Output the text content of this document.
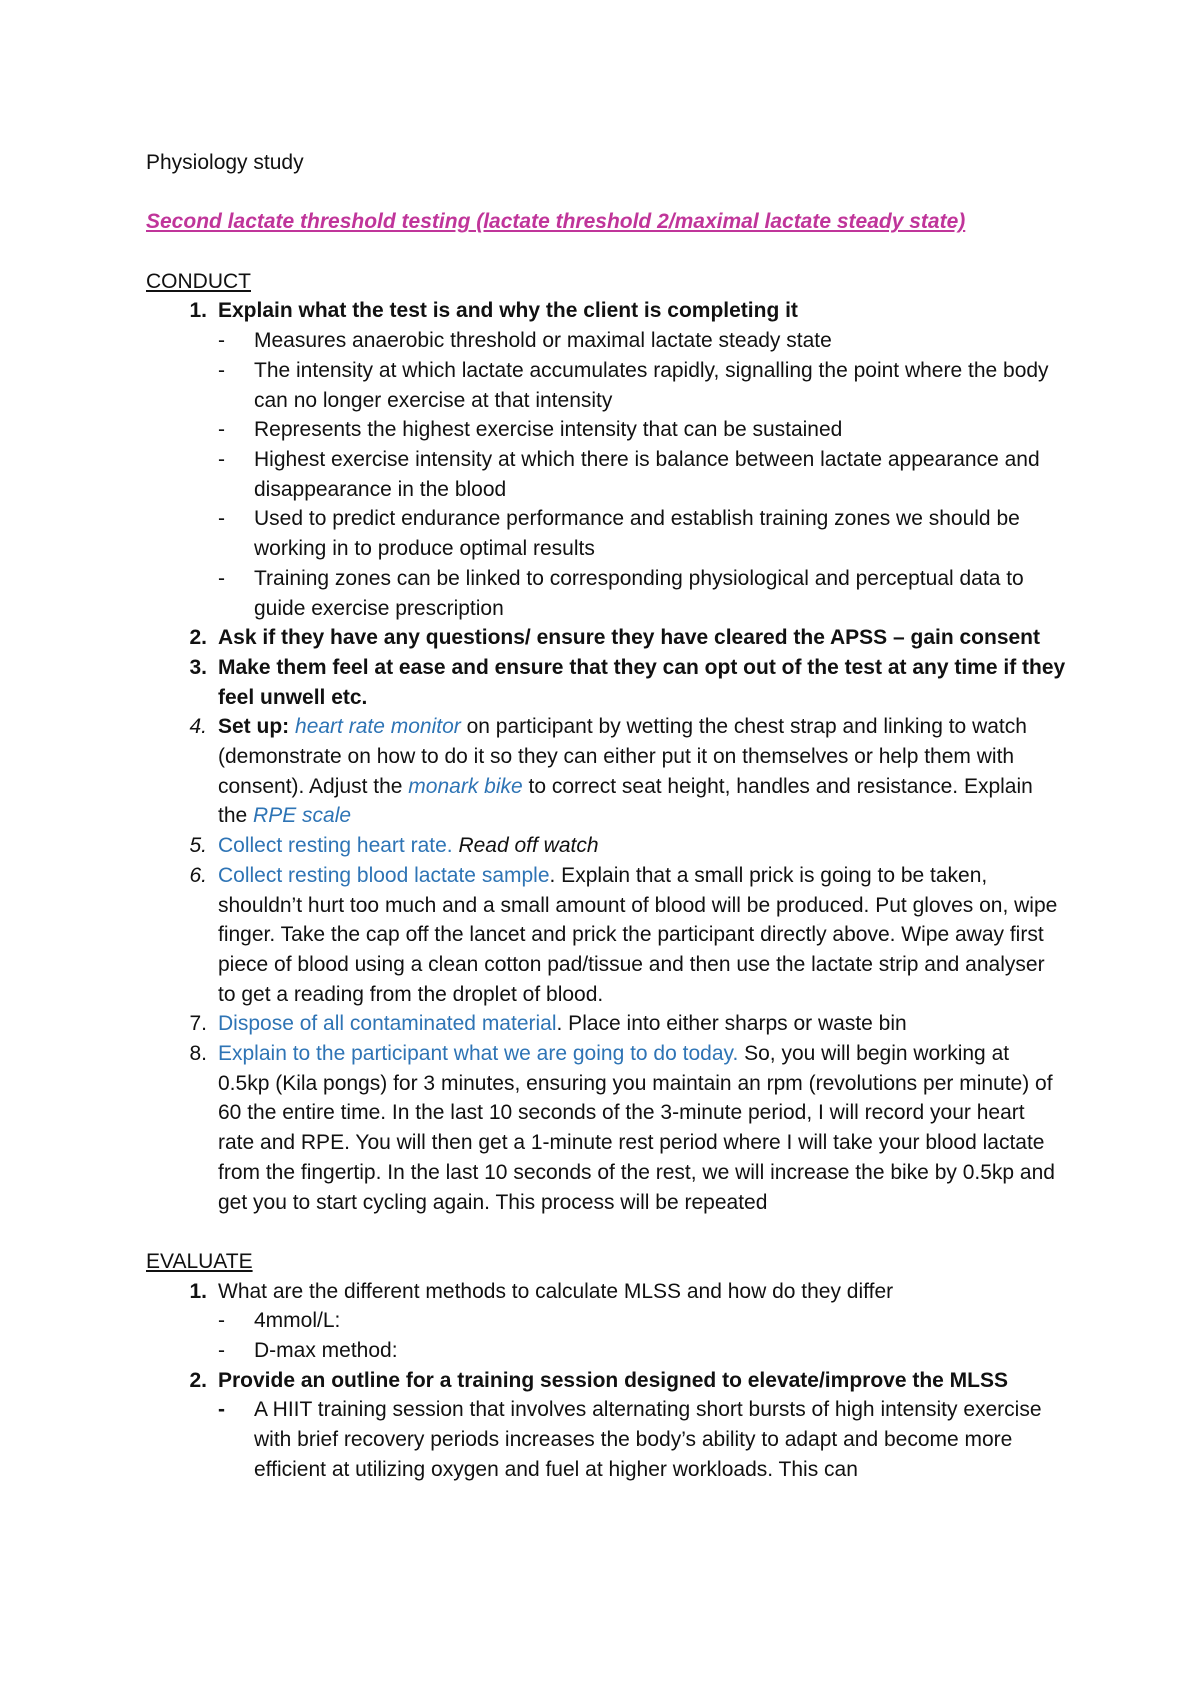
Physiology study

Second lactate threshold testing (lactate threshold 2/maximal lactate steady state)

CONDUCT

1. Explain what the test is and why the client is completing it
-	Measures anaerobic threshold or maximal lactate steady state
-	The intensity at which lactate accumulates rapidly, signalling the point where the body can no longer exercise at that intensity
-	Represents the highest exercise intensity that can be sustained
-	Highest exercise intensity at which there is balance between lactate appearance and disappearance in the blood
-	Used to predict endurance performance and establish training zones we should be working in to produce optimal results
-	Training zones can be linked to corresponding physiological and perceptual data to guide exercise prescription
2. Ask if they have any questions/ ensure they have cleared the APSS – gain consent
3. Make them feel at ease and ensure that they can opt out of the test at any time if they feel unwell etc.
4. Set up: heart rate monitor on participant by wetting the chest strap and linking to watch (demonstrate on how to do it so they can either put it on themselves or help them with consent). Adjust the monark bike to correct seat height, handles and resistance. Explain the RPE scale
5. Collect resting heart rate. Read off watch
6. Collect resting blood lactate sample. Explain that a small prick is going to be taken, shouldn’t hurt too much and a small amount of blood will be produced. Put gloves on, wipe finger. Take the cap off the lancet and prick the participant directly above. Wipe away first piece of blood using a clean cotton pad/tissue and then use the lactate strip and analyser to get a reading from the droplet of blood.
7. Dispose of all contaminated material. Place into either sharps or waste bin
8. Explain to the participant what we are going to do today. So, you will begin working at 0.5kp (Kila pongs) for 3 minutes, ensuring you maintain an rpm (revolutions per minute) of 60 the entire time. In the last 10 seconds of the 3-minute period, I will record your heart rate and RPE. You will then get a 1-minute rest period where I will take your blood lactate from the fingertip. In the last 10 seconds of the rest, we will increase the bike by 0.5kp and get you to start cycling again. This process will be repeated

EVALUATE

1. What are the different methods to calculate MLSS and how do they differ
-	4mmol/L:
-	D-max method:
2. Provide an outline for a training session designed to elevate/improve the MLSS
-	A HIIT training session that involves alternating short bursts of high intensity exercise with brief recovery periods increases the body’s ability to adapt and become more efficient at utilizing oxygen and fuel at higher workloads. This can
